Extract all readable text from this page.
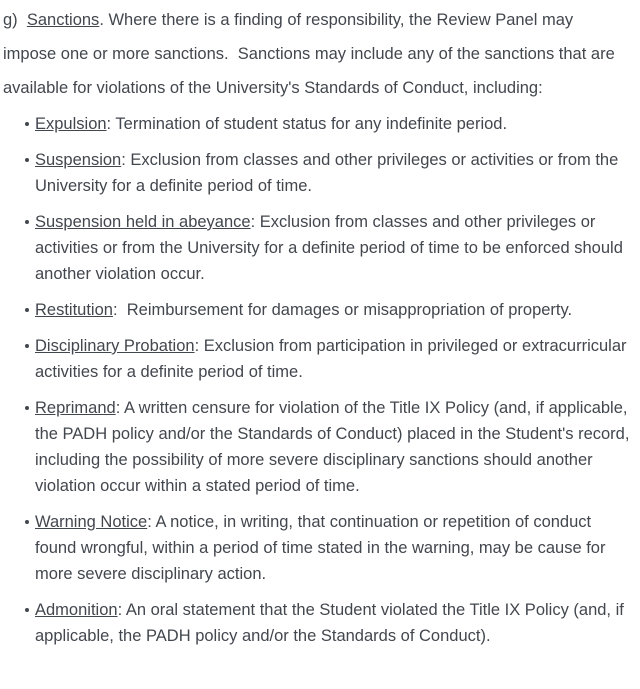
g)  Sanctions. Where there is a finding of responsibility, the Review Panel may impose one or more sanctions.  Sanctions may include any of the sanctions that are available for violations of the University's Standards of Conduct, including:

Expulsion: Termination of student status for any indefinite period.
Suspension: Exclusion from classes and other privileges or activities or from the University for a definite period of time.
Suspension held in abeyance: Exclusion from classes and other privileges or activities or from the University for a definite period of time to be enforced should another violation occur.
Restitution:  Reimbursement for damages or misappropriation of property.
Disciplinary Probation: Exclusion from participation in privileged or extracurricular activities for a definite period of time.
Reprimand: A written censure for violation of the Title IX Policy (and, if applicable, the PADH policy and/or the Standards of Conduct) placed in the Student's record, including the possibility of more severe disciplinary sanctions should another violation occur within a stated period of time.
Warning Notice: A notice, in writing, that continuation or repetition of conduct found wrongful, within a period of time stated in the warning, may be cause for more severe disciplinary action.
Admonition: An oral statement that the Student violated the Title IX Policy (and, if applicable, the PADH policy and/or the Standards of Conduct).
